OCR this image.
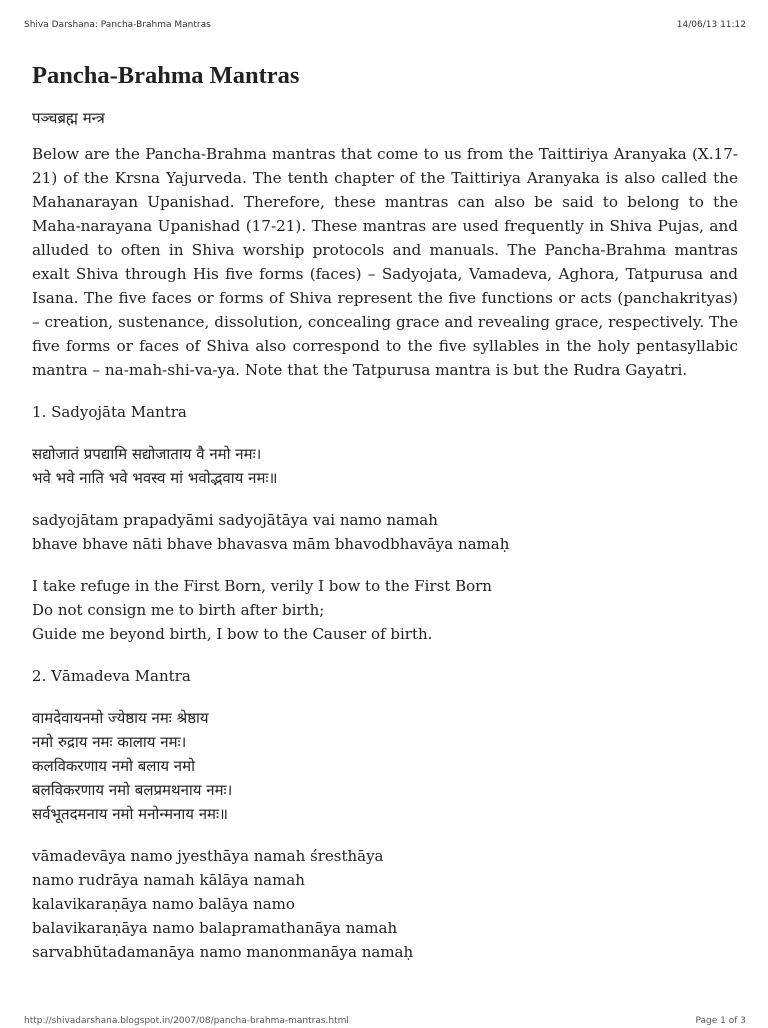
Shiva Darshana: Pancha-Brahma Mantras	14/06/13 11:12
Pancha-Brahma Mantras

पञ्चब्रह्म मन्त्र

Below are the Pancha-Brahma mantras that come to us from the Taittiriya Aranyaka (X.17-21) of the Krsna Yajurveda. The tenth chapter of the Taittiriya Aranyaka is also called the Mahanarayan Upanishad. Therefore, these mantras can also be said to belong to the Maha-narayana Upanishad (17-21). These mantras are used frequently in Shiva Pujas, and alluded to often in Shiva worship protocols and manuals. The Pancha-Brahma mantras exalt Shiva through His five forms (faces) – Sadyojata, Vamadeva, Aghora, Tatpurusa and Isana. The five faces or forms of Shiva represent the five functions or acts (panchakrityas) – creation, sustenance, dissolution, concealing grace and revealing grace, respectively. The five forms or faces of Shiva also correspond to the five syllables in the holy pentasyllabic mantra – na-mah-shi-va-ya. Note that the Tatpurusa mantra is but the Rudra Gayatri.

1. Sadyojāta Mantra

सद्योजातं प्रपद्यामि सद्योजाताय वै नमो नमः।
भवे भवे नाति भवे भवस्व मां भवोद्भवाय नमः॥
sadyojātam prapadyāmi sadyojātāya vai namo namah
bhave bhave nāti bhave bhavasva mām bhavodbhavāya namaḥ
I take refuge in the First Born, verily I bow to the First Born
Do not consign me to birth after birth;
Guide me beyond birth, I bow to the Causer of birth.

2. Vāmadeva Mantra

वामदेवायनमो ज्येष्ठाय नमः श्रेष्ठाय
नमो रुद्राय नमः कालाय नमः।
कलविकरणाय नमो बलाय नमो
बलविकरणाय नमो बलप्रमथनाय नमः।
सर्वभूतदमनाय नमो मनोन्मनाय नमः॥
vāmadevāya namo jyesthāya namah śresthāya
namo rudrāya namah kālāya namah
kalavikaraṇāya namo balāya namo
balavikaraṇāya namo balapramathanāya namah
sarvabhūtadamanāya namo manonmanāya namaḥ
http://shivadarshana.blogspot.in/2007/08/pancha-brahma-mantras.html	Page 1 of 3
